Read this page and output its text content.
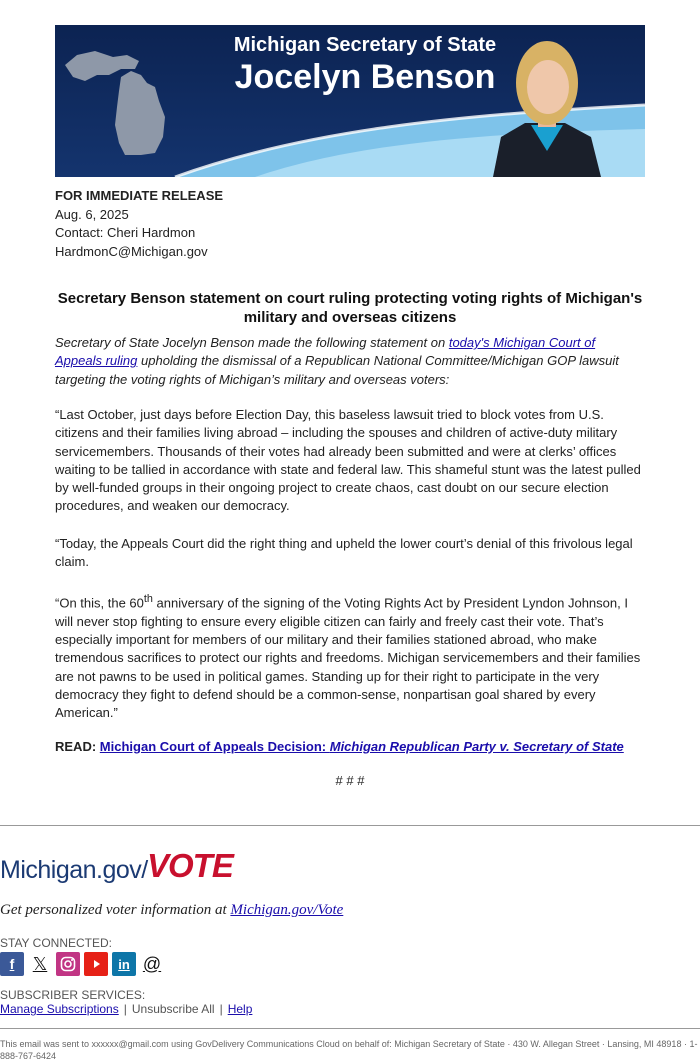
Michigan Secretary of State
Jocelyn Benson
FOR IMMEDIATE RELEASE
Aug. 6, 2025
Contact: Cheri Hardmon
HardmonC@Michigan.gov
Secretary Benson statement on court ruling protecting voting rights of Michigan's military and overseas citizens
Secretary of State Jocelyn Benson made the following statement on today's Michigan Court of Appeals ruling upholding the dismissal of a Republican National Committee/Michigan GOP lawsuit targeting the voting rights of Michigan’s military and overseas voters:
“Last October, just days before Election Day, this baseless lawsuit tried to block votes from U.S. citizens and their families living abroad – including the spouses and children of active-duty military servicemembers. Thousands of their votes had already been submitted and were at clerks’ offices waiting to be tallied in accordance with state and federal law. This shameful stunt was the latest pulled by well-funded groups in their ongoing project to create chaos, cast doubt on our secure election procedures, and weaken our democracy.
“Today, the Appeals Court did the right thing and upheld the lower court’s denial of this frivolous legal claim.
“On this, the 60th anniversary of the signing of the Voting Rights Act by President Lyndon Johnson, I will never stop fighting to ensure every eligible citizen can fairly and freely cast their vote. That’s especially important for members of our military and their families stationed abroad, who make tremendous sacrifices to protect our rights and freedoms. Michigan servicemembers and their families are not pawns to be used in political games. Standing up for their right to participate in the very democracy they fight to defend should be a common-sense, nonpartisan goal shared by every American.”
READ: Michigan Court of Appeals Decision: Michigan Republican Party v. Secretary of State
# # #
Michigan.gov/ VOTE
Get personalized voter information at Michigan.gov/Vote
STAY CONNECTED:
f	𝕏	in @
SUBSCRIBER SERVICES:
Manage Subscriptions | Unsubscribe All | Help
This email was sent to xxxxxx@gmail.com using GovDelivery Communications Cloud on behalf of: Michigan Secretary of State · 430 W. Allegan Street · Lansing, MI 48918 · 1-888-767-6424
